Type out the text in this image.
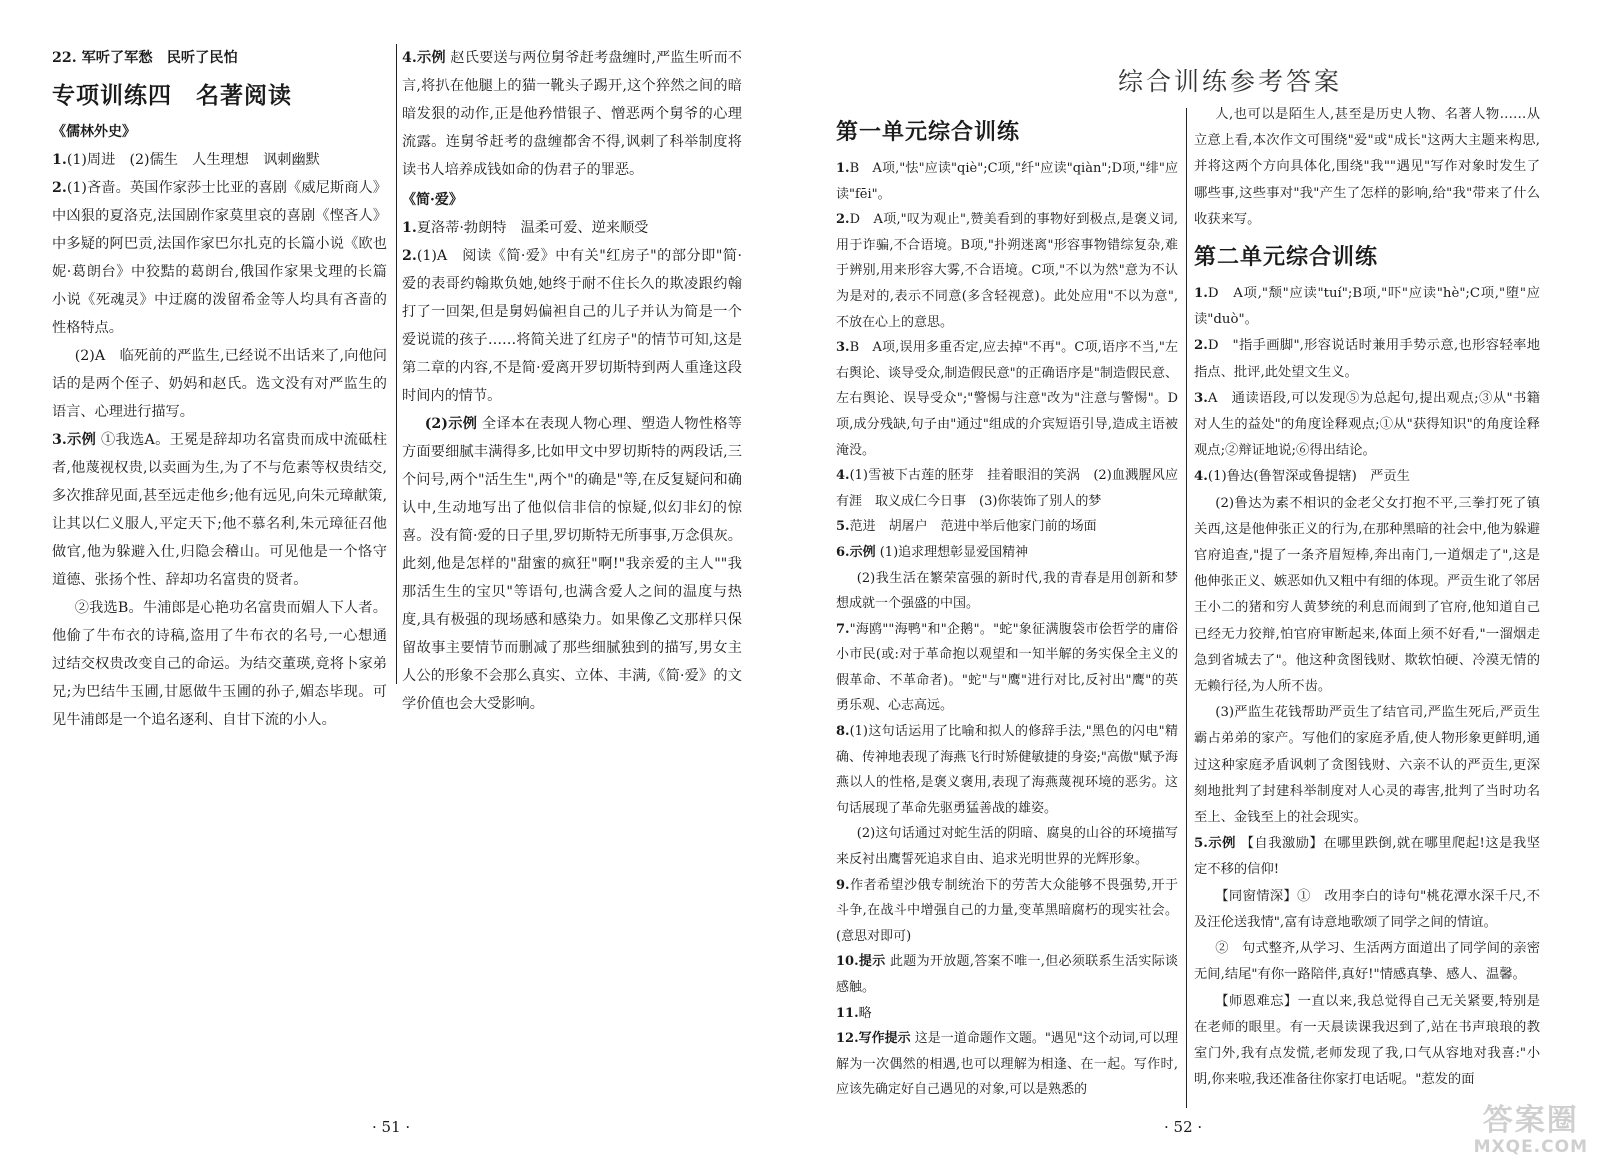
22. 军听了军愁　民听了民怕

专项训练四　名著阅读

《儒林外史》

1.(1)周进　(2)儒生　人生理想　讽刺幽默

2.(1)吝啬。英国作家莎士比亚的喜剧《威尼斯商人》中凶狠的夏洛克,法国剧作家莫里哀的喜剧《悭吝人》中多疑的阿巴贡,法国作家巴尔扎克的长篇小说《欧也妮·葛朗台》中狡黠的葛朗台,俄国作家果戈理的长篇小说《死魂灵》中迂腐的泼留希金等人均具有吝啬的性格特点。

(2)A　临死前的严监生,已经说不出话来了,向他问话的是两个侄子、奶妈和赵氏。选文没有对严监生的语言、心理进行描写。

3.示例 ①我选A。王冕是辞却功名富贵而成中流砥柱者,他蔑视权贵,以卖画为生,为了不与危素等权贵结交,多次推辞见面,甚至远走他乡;他有远见,向朱元璋献策,让其以仁义服人,平定天下;他不慕名利,朱元璋征召他做官,他为躲避入仕,归隐会稽山。可见他是一个恪守道德、张扬个性、辞却功名富贵的贤者。

②我选B。牛浦郎是心艳功名富贵而媚人下人者。他偷了牛布衣的诗稿,盗用了牛布衣的名号,一心想通过结交权贵改变自己的命运。为结交董瑛,竟将卜家弟兄;为巴结牛玉圃,甘愿做牛玉圃的孙子,媚态毕现。可见牛浦郎是一个追名逐利、自甘下流的小人。

4.示例 赵氏要送与两位舅爷赶考盘缠时,严监生听而不言,将扒在他腿上的猫一靴头子踢开,这个猝然之间的暗暗发狠的动作,正是他矜惜银子、憎恶两个舅爷的心理流露。连舅爷赶考的盘缠都舍不得,讽刺了科举制度将读书人培养成钱如命的伪君子的罪恶。

《简·爱》

1.夏洛蒂·勃朗特　温柔可爱、逆来顺受

2.(1)A　阅读《简·爱》中有关"红房子"的部分即"简·爱的表哥约翰欺负她,她终于耐不住长久的欺凌跟约翰打了一回架,但是舅妈偏袒自己的儿子并认为简是一个爱说谎的孩子……将简关进了红房子"的情节可知,这是第二章的内容,不是简·爱离开罗切斯特到两人重逢这段时间内的情节。

(2)示例 全译本在表现人物心理、塑造人物性格等方面要细腻丰满得多,比如甲文中罗切斯特的两段话,三个问号,两个"活生生",两个"的确是"等,在反复疑问和确认中,生动地写出了他似信非信的惊疑,似幻非幻的惊喜。没有简·爱的日子里,罗切斯特无所事事,万念俱灰。此刻,他是怎样的"甜蜜的疯狂"啊!"我亲爱的主人""我那活生生的宝贝"等语句,也满含爱人之间的温度与热度,具有极强的现场感和感染力。如果像乙文那样只保留故事主要情节而删减了那些细腻独到的描写,男女主人公的形象不会那么真实、立体、丰满,《简·爱》的文学价值也会大受影响。

· 51 ·
综合训练参考答案

第一单元综合训练

1.B　A项,"怯"应读"qiè";C项,"纤"应读"qiàn";D项,"绯"应读"fēi"。

2.D　A项,"叹为观止",赞美看到的事物好到极点,是褒义词,用于诈骗,不合语境。B项,"扑朔迷离"形容事物错综复杂,难于辨别,用来形容大雾,不合语境。C项,"不以为然"意为不认为是对的,表示不同意(多含轻视意)。此处应用"不以为意",不放在心上的意思。

3.B　A项,误用多重否定,应去掉"不再"。C项,语序不当,"左右舆论、谈导受众,制造假民意"的正确语序是"制造假民意、左右舆论、误导受众";"警惕与注意"改为"注意与警惕"。D项,成分残缺,句子由"通过"组成的介宾短语引导,造成主语被淹没。

4.(1)雪被下古莲的胚芽　挂着眼泪的笑涡　(2)血溅腥风应有涯　取义成仁今日事　(3)你装饰了别人的梦

5.范进　胡屠户　范进中举后他家门前的场面

6.示例 (1)追求理想彰显爱国精神

(2)我生活在繁荣富强的新时代,我的青春是用创新和梦想成就一个强盛的中国。

7."海鸥""海鸭"和"企鹅"。"蛇"象征满腹袋市侩哲学的庸俗小市民(或:对于革命抱以观望和一知半解的务实保全主义的假革命、不革命者)。"蛇"与"鹰"进行对比,反衬出"鹰"的英勇乐观、心志高远。

8.(1)这句话运用了比喻和拟人的修辞手法,"黑色的闪电"精确、传神地表现了海燕飞行时矫健敏捷的身姿;"高傲"赋予海燕以人的性格,是褒义褒用,表现了海燕蔑视环境的恶劣。这句话展现了革命先驱勇猛善战的雄姿。

(2)这句话通过对蛇生活的阴暗、腐臭的山谷的环境描写来反衬出鹰誓死追求自由、追求光明世界的光辉形象。

9.作者希望沙俄专制统治下的劳苦大众能够不畏强势,开于斗争,在战斗中增强自己的力量,变革黑暗腐朽的现实社会。(意思对即可)

10.提示 此题为开放题,答案不唯一,但必须联系生活实际谈感触。

11.略

12.写作提示 这是一道命题作文题。"遇见"这个动词,可以理解为一次偶然的相遇,也可以理解为相逢、在一起。写作时,应该先确定好自己遇见的对象,可以是熟悉的

人,也可以是陌生人,甚至是历史人物、名著人物……从立意上看,本次作文可围绕"爱"或"成长"这两大主题来构思,并将这两个方向具体化,围绕"我""遇见"写作对象时发生了哪些事,这些事对"我"产生了怎样的影响,给"我"带来了什么收获来写。

第二单元综合训练

1.D　A项,"颓"应读"tuí";B项,"吓"应读"hè";C项,"堕"应读"duò"。

2.D　"指手画脚",形容说话时兼用手势示意,也形容轻率地指点、批评,此处望文生义。

3.A　通读语段,可以发现⑤为总起句,提出观点;③从"书籍对人生的益处"的角度诠释观点;①从"获得知识"的角度诠释观点;②辩证地说;⑥得出结论。

4.(1)鲁达(鲁智深或鲁提辖)　严贡生

(2)鲁达为素不相识的金老父女打抱不平,三拳打死了镇关西,这是他伸张正义的行为,在那种黑暗的社会中,他为躲避官府追查,"提了一条齐眉短棒,奔出南门,一道烟走了",这是他伸张正义、嫉恶如仇又粗中有细的体现。严贡生讹了邻居王小二的猪和穷人黄梦统的利息而闹到了官府,他知道自己已经无力狡辩,怕官府审断起来,体面上须不好看,"一溜烟走急到省城去了"。他这种贪图钱财、欺软怕硬、冷漠无情的无赖行径,为人所不齿。

(3)严监生花钱帮助严贡生了结官司,严监生死后,严贡生霸占弟弟的家产。写他们的家庭矛盾,使人物形象更鲜明,通过这种家庭矛盾讽刺了贪图钱财、六亲不认的严贡生,更深刻地批判了封建科举制度对人心灵的毒害,批判了当时功名至上、金钱至上的社会现实。

5.示例 【自我激励】在哪里跌倒,就在哪里爬起!这是我坚定不移的信仰!

【同窗情深】①　改用李白的诗句"桃花潭水深千尺,不及汪伦送我情",富有诗意地歌颂了同学之间的情谊。

②　句式整齐,从学习、生活两方面道出了同学间的亲密无间,结尾"有你一路陪伴,真好!"情感真挚、感人、温馨。

【师恩难忘】一直以来,我总觉得自己无关紧要,特别是在老师的眼里。有一天晨读课我迟到了,站在书声琅琅的教室门外,我有点发慌,老师发现了我,口气从容地对我喜:"小明,你来啦,我还准备往你家打电话呢。"惹发的面

· 52 ·	答案圈
MXQE.COM
